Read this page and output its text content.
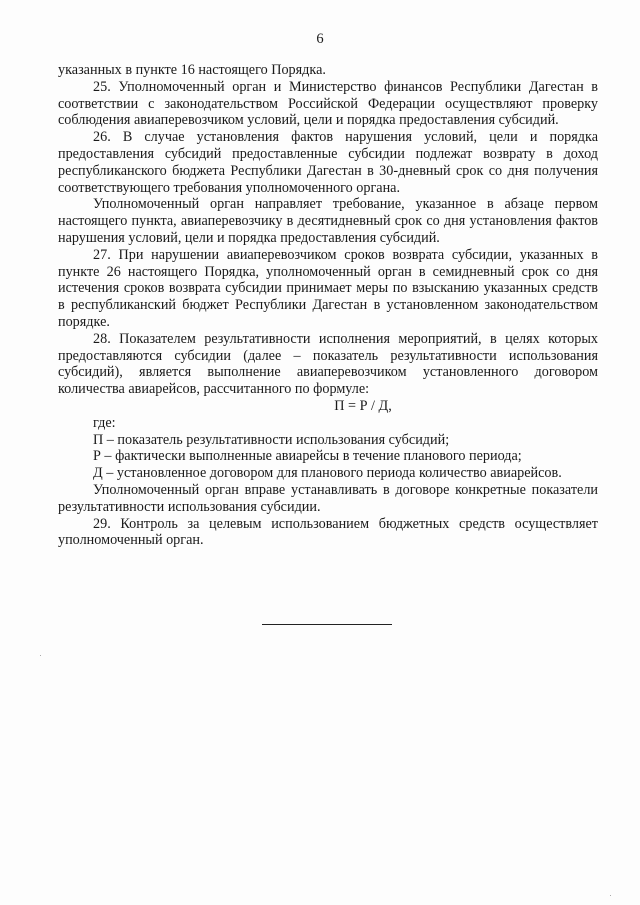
6

указанных в пункте 16 настоящего Порядка.

25. Уполномоченный орган и Министерство финансов Республики Дагестан в соответствии с законодательством Российской Федерации осуществляют проверку соблюдения авиаперевозчиком условий, цели и порядка предоставления субсидий.

26. В случае установления фактов нарушения условий, цели и порядка предоставления субсидий предоставленные субсидии подлежат возврату в доход республиканского бюджета Республики Дагестан в 30-дневный срок со дня получения соответствующего требования уполномоченного органа.

Уполномоченный орган направляет требование, указанное в абзаце первом настоящего пункта, авиаперевозчику в десятидневный срок со дня установления фактов нарушения условий, цели и порядка предоставления субсидий.

27. При нарушении авиаперевозчиком сроков возврата субсидии, указанных в пункте 26 настоящего Порядка, уполномоченный орган в семидневный срок со дня истечения сроков возврата субсидии принимает меры по взысканию указанных средств в республиканский бюджет Республики Дагестан в установленном законодательством порядке.

28. Показателем результативности исполнения мероприятий, в целях которых предоставляются субсидии (далее – показатель результативности использования субсидий), является выполнение авиаперевозчиком установленного договором количества авиарейсов, рассчитанного по формуле:

П = Р / Д,

где:

П – показатель результативности использования субсидий;

Р – фактически выполненные авиарейсы в течение планового периода;

Д – установленное договором для планового периода количество авиарейсов.

Уполномоченный орган вправе устанавливать в договоре конкретные показатели результативности использования субсидии.

29. Контроль за целевым использованием бюджетных средств осуществляет уполномоченный орган.
